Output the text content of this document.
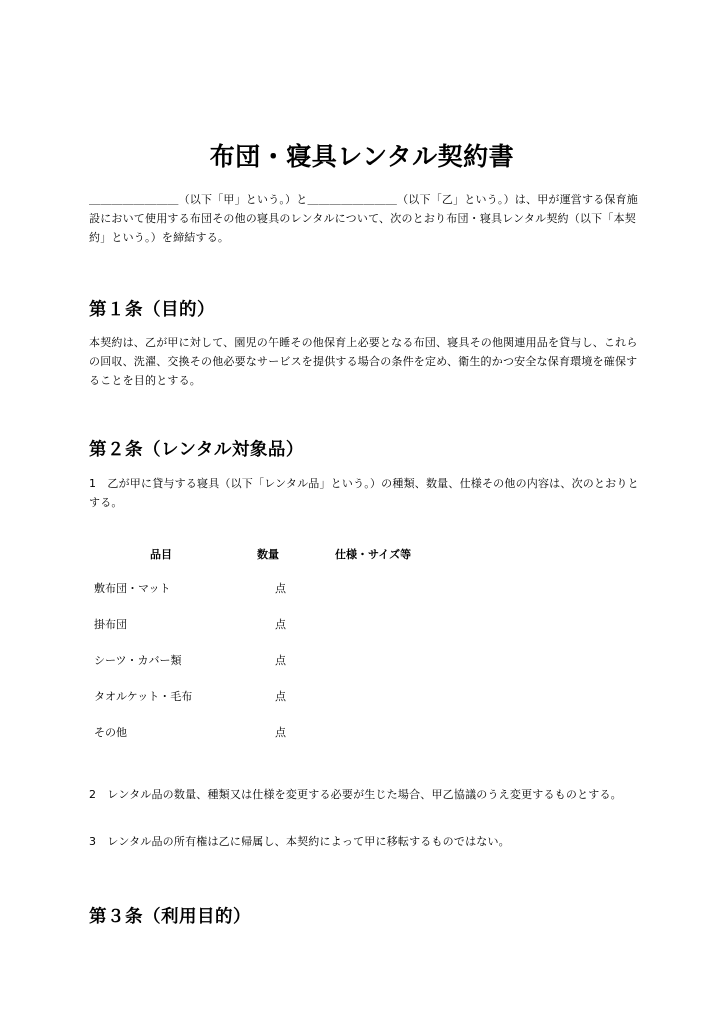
布団・寝具レンタル契約書

＿＿＿＿＿＿＿＿（以下「甲」という。）と＿＿＿＿＿＿＿＿（以下「乙」という。）は、甲が運営する保育施設において使用する布団その他の寝具のレンタルについて、次のとおり布団・寝具レンタル契約（以下「本契約」という。）を締結する。

第１条（目的）

本契約は、乙が甲に対して、園児の午睡その他保育上必要となる布団、寝具その他関連用品を貸与し、これらの回収、洗濯、交換その他必要なサービスを提供する場合の条件を定め、衛生的かつ安全な保育環境を確保することを目的とする。

第２条（レンタル対象品）

1　乙が甲に貸与する寝具（以下「レンタル品」という。）の種類、数量、仕様その他の内容は、次のとおりとする。

品目	数量	仕様・サイズ等
敷布団・マット	点
掛布団	点
シーツ・カバー類	点
タオルケット・毛布	点
その他	点

2　レンタル品の数量、種類又は仕様を変更する必要が生じた場合、甲乙協議のうえ変更するものとする。

3　レンタル品の所有権は乙に帰属し、本契約によって甲に移転するものではない。

第３条（利用目的）
